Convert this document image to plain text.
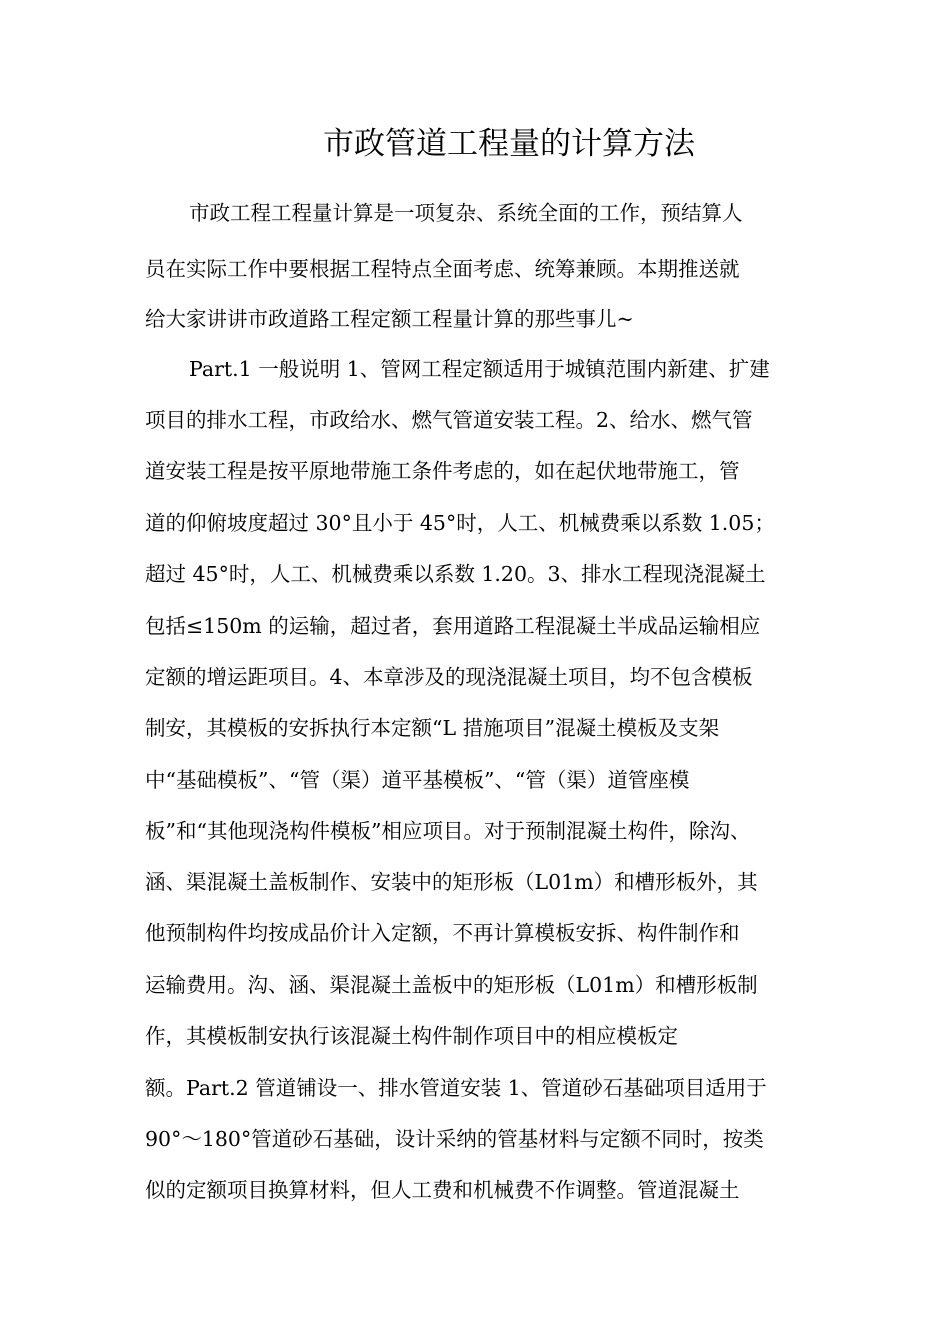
市政管道工程量的计算方法
市政工程工程量计算是一项复杂、系统全面的工作，预结算人
员在实际工作中要根据工程特点全面考虑、统筹兼顾。本期推送就
给大家讲讲市政道路工程定额工程量计算的那些事儿~
Part.1 一般说明 1、管网工程定额适用于城镇范围内新建、扩建
项目的排水工程，市政给水、燃气管道安装工程。2、给水、燃气管
道安装工程是按平原地带施工条件考虑的，如在起伏地带施工，管
道的仰俯坡度超过 30°且小于 45°时，人工、机械费乘以系数 1.05；
超过 45°时，人工、机械费乘以系数 1.20。3、排水工程现浇混凝土
包括≤150m 的运输，超过者，套用道路工程混凝土半成品运输相应
定额的增运距项目。4、本章涉及的现浇混凝土项目，均不包含模板
制安，其模板的安拆执行本定额“L 措施项目”混凝土模板及支架
中“基础模板”、“管（渠）道平基模板”、“管（渠）道管座模
板”和“其他现浇构件模板”相应项目。对于预制混凝土构件，除沟、
涵、渠混凝土盖板制作、安装中的矩形板（L01m）和槽形板外，其
他预制构件均按成品价计入定额，不再计算模板安拆、构件制作和
运输费用。沟、涵、渠混凝土盖板中的矩形板（L01m）和槽形板制
作，其模板制安执行该混凝土构件制作项目中的相应模板定
额。Part.2 管道铺设一、排水管道安装 1、管道砂石基础项目适用于
90°～180°管道砂石基础，设计采纳的管基材料与定额不同时，按类
似的定额项目换算材料，但人工费和机械费不作调整。管道混凝土
